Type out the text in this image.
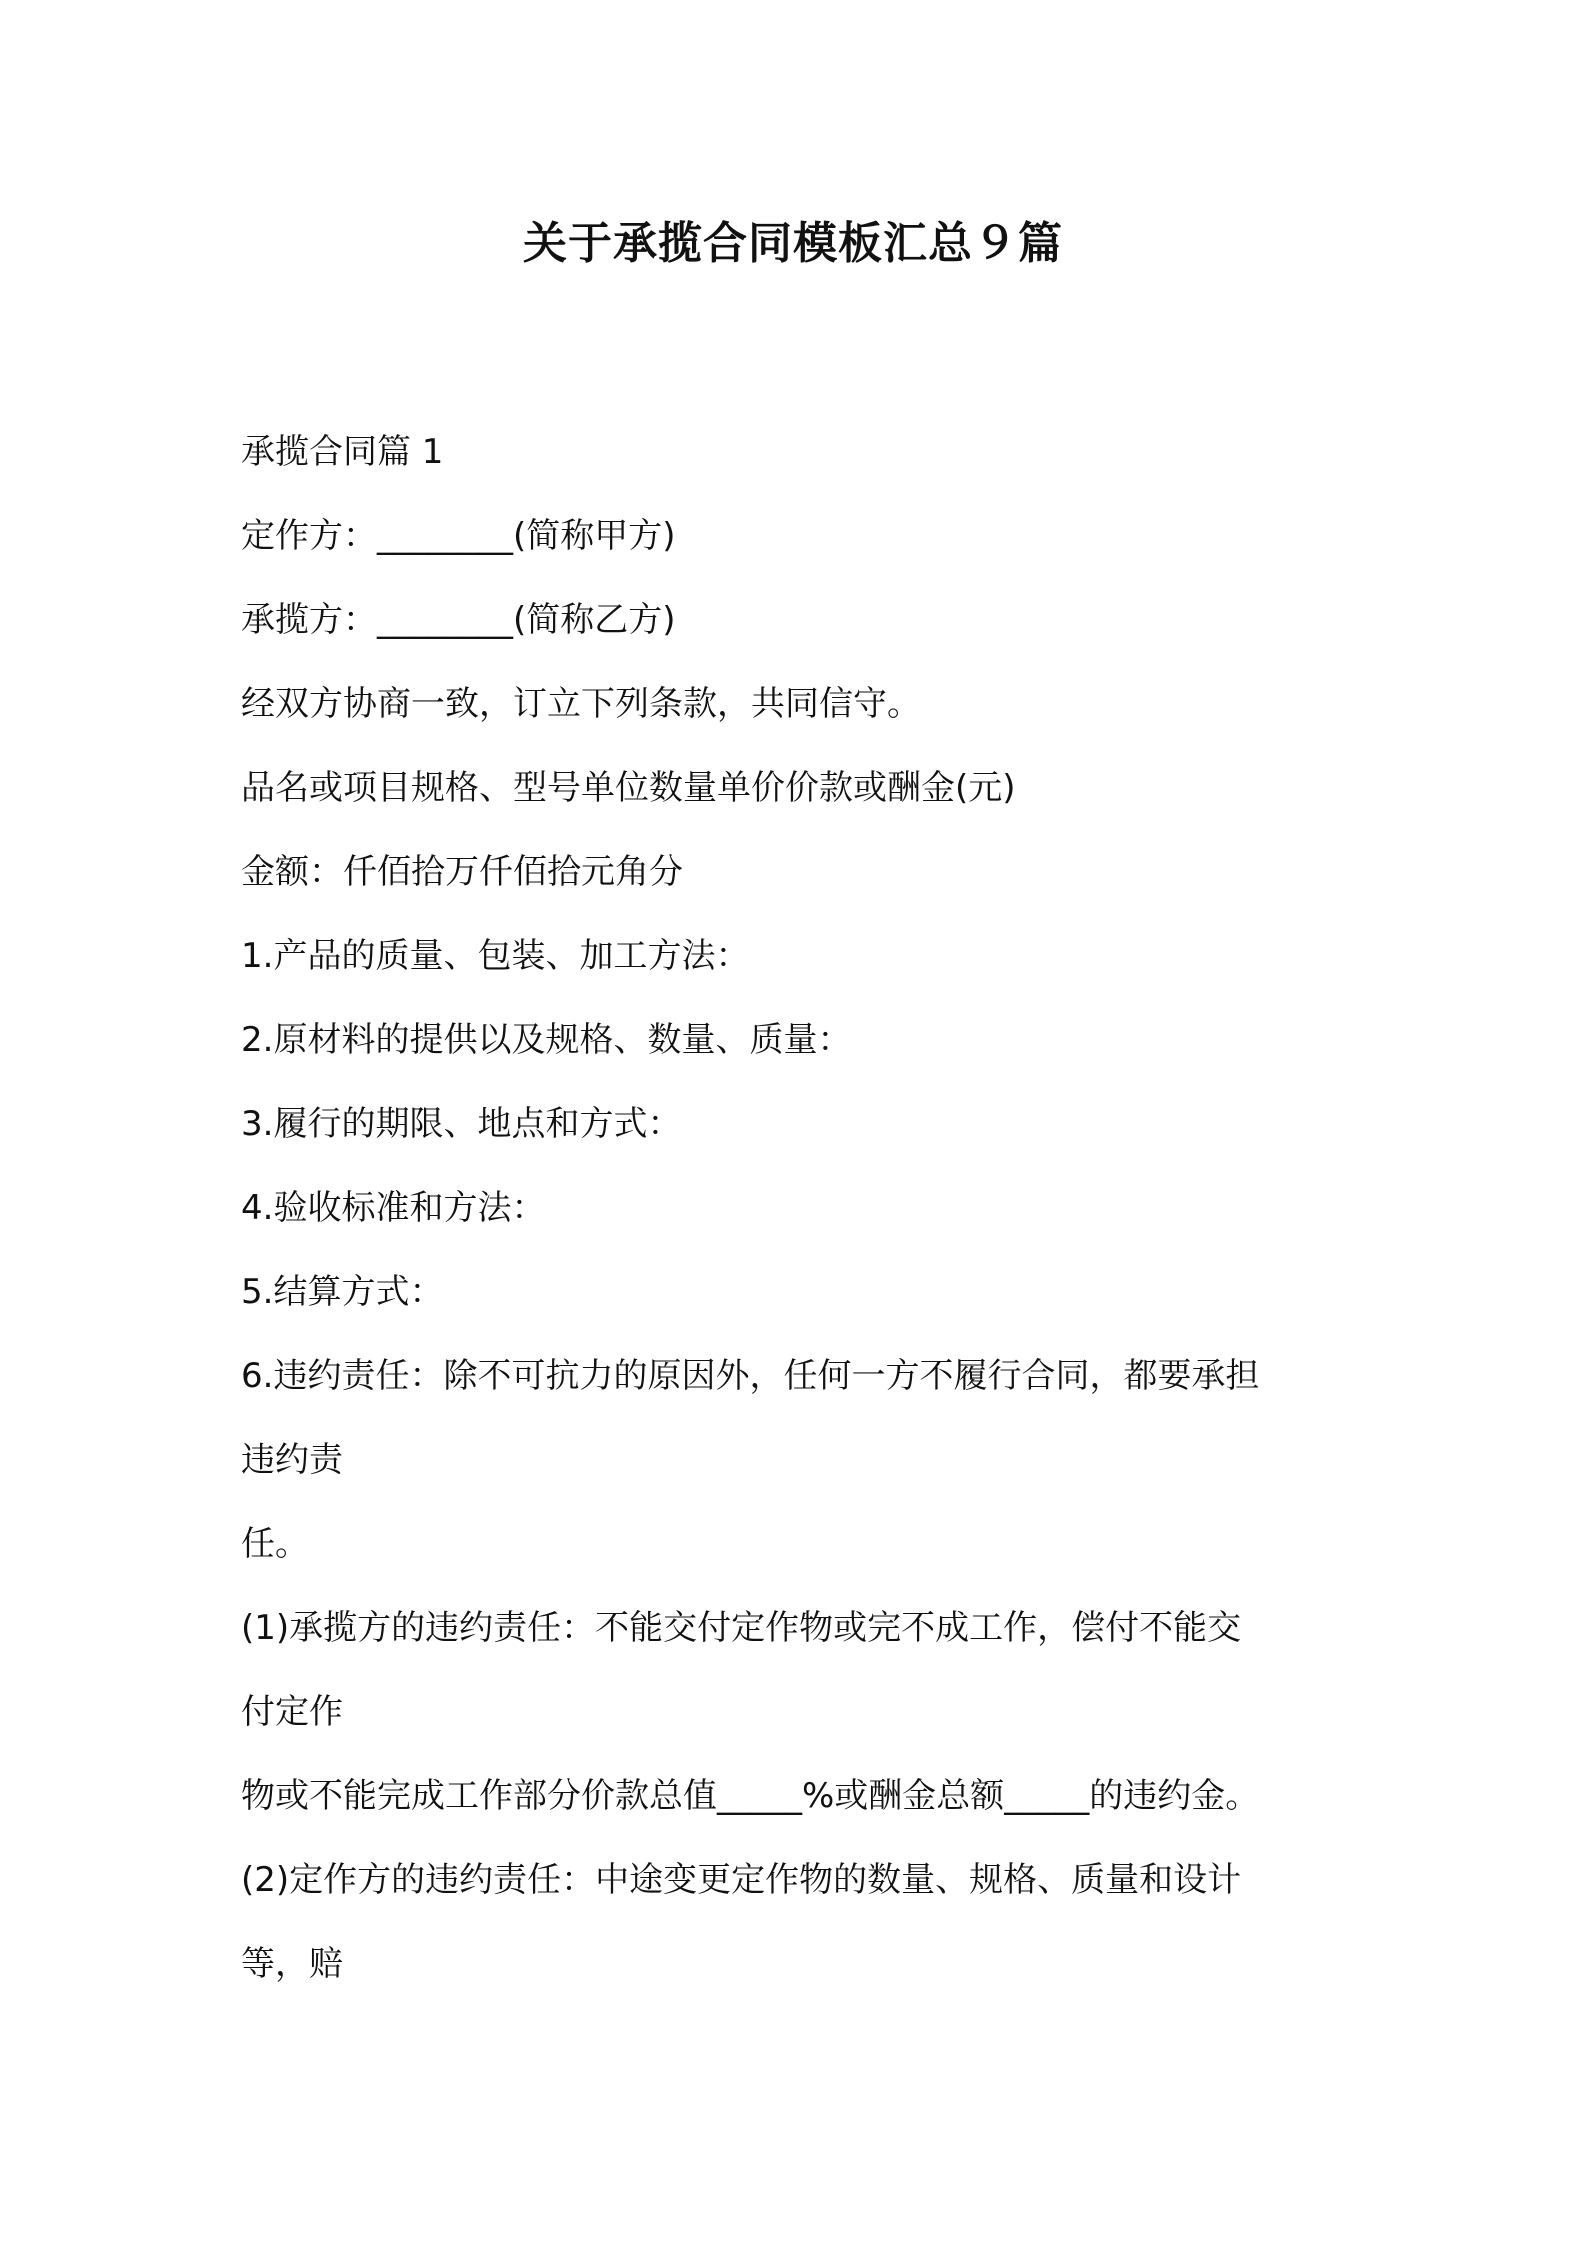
关于承揽合同模板汇总９篇

承揽合同篇 1

定作方：________(简称甲方)

承揽方：________(简称乙方)

经双方协商一致，订立下列条款，共同信守。

品名或项目规格、型号单位数量单价价款或酬金(元)

金额：仟佰拾万仟佰拾元角分

1.产品的质量、包装、加工方法：

2.原材料的提供以及规格、数量、质量：

3.履行的期限、地点和方式：

4.验收标准和方法：

5.结算方式：

6.违约责任：除不可抗力的原因外，任何一方不履行合同，都要承担

违约责

任。

(1)承揽方的违约责任：不能交付定作物或完不成工作，偿付不能交

付定作

物或不能完成工作部分价款总值_____%或酬金总额_____的违约金。

(2)定作方的违约责任：中途变更定作物的数量、规格、质量和设计

等，赔
